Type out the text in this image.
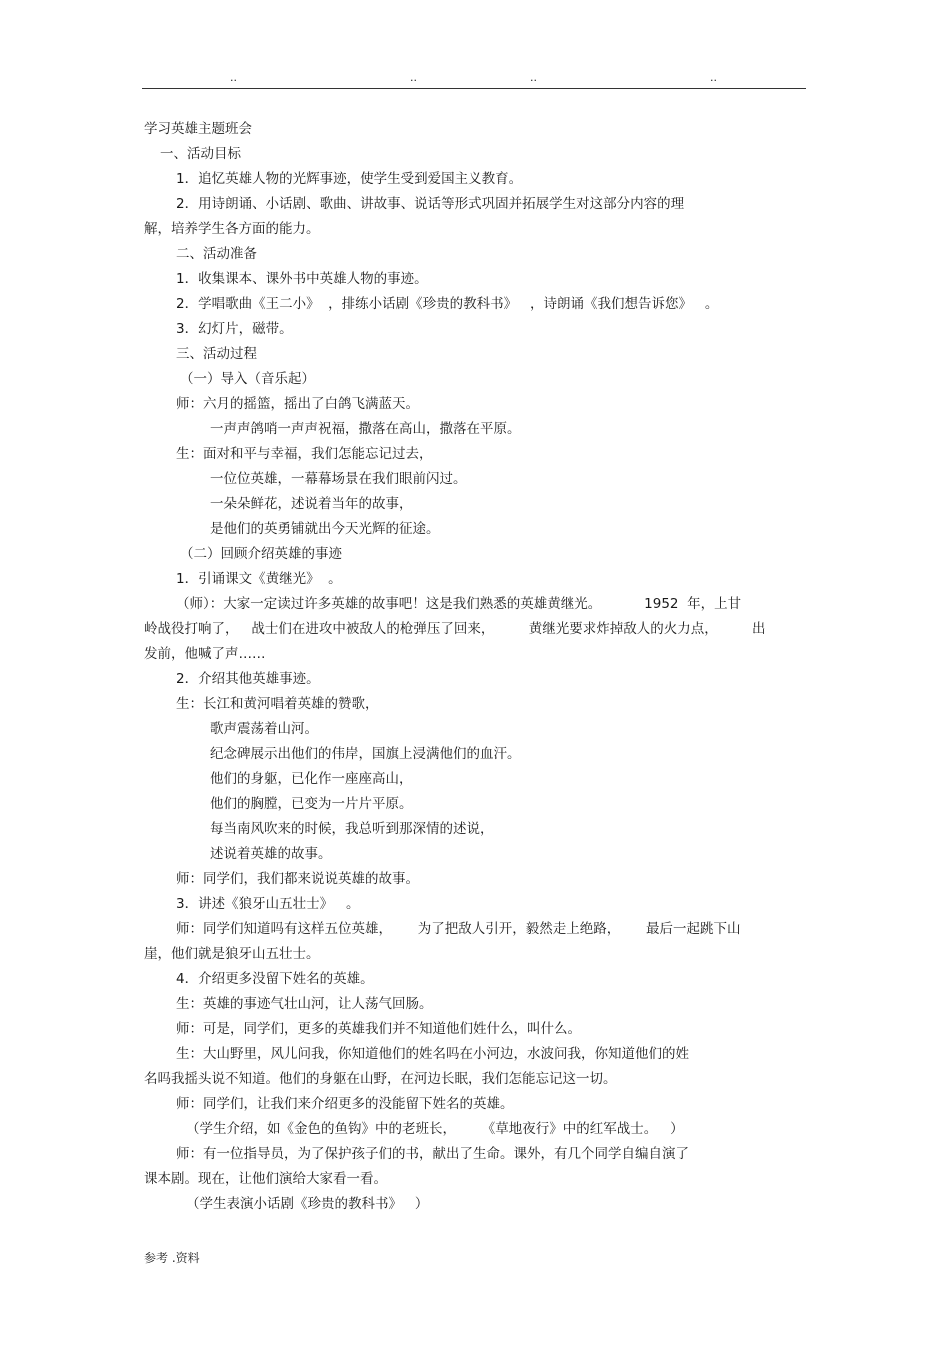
..	..	..	..
学习英雄主题班会
一、活动目标
1．追忆英雄人物的光辉事迹，使学生受到爱国主义教育。
2．用诗朗诵、小话剧、歌曲、讲故事、说话等形式巩固并拓展学生对这部分内容的理
解，培养学生各方面的能力。
二、活动准备
1．收集课本、课外书中英雄人物的事迹。
2．学唱歌曲《王二小》  ，排练小话剧《珍贵的教科书》   ，诗朗诵《我们想告诉您》   。
3．幻灯片，磁带。
三、活动过程
（一）导入（音乐起）
师：六月的摇篮，摇出了白鸽飞满蓝天。
一声声鸽哨一声声祝福，撒落在高山，撒落在平原。
生：面对和平与幸福，我们怎能忘记过去，
一位位英雄，一幕幕场景在我们眼前闪过。
一朵朵鲜花，述说着当年的故事，
是他们的英勇铺就出今天光辉的征途。
（二）回顾介绍英雄的事迹
1．引诵课文《黄继光》  。
（师）：大家一定读过许多英雄的故事吧！这是我们熟悉的英雄黄继光。          1952  年，上甘
岭战役打响了，   战士们在进攻中被敌人的枪弹压了回来，        黄继光要求炸掉敌人的火力点，        出
发前，他喊了声……
2．介绍其他英雄事迹。
生：长江和黄河唱着英雄的赞歌，
歌声震荡着山河。
纪念碑展示出他们的伟岸，国旗上浸满他们的血汗。
他们的身躯，已化作一座座高山，
他们的胸膛，已变为一片片平原。
每当南风吹来的时候，我总听到那深情的述说，
述说着英雄的故事。
师：同学们，我们都来说说英雄的故事。
3．讲述《狼牙山五壮士》   。
师：同学们知道吗有这样五位英雄，      为了把敌人引开，毅然走上绝路，      最后一起跳下山
崖，他们就是狼牙山五壮士。
4．介绍更多没留下姓名的英雄。
生：英雄的事迹气壮山河，让人荡气回肠。
师：可是，同学们，更多的英雄我们并不知道他们姓什么，叫什么。
生：大山野里，风儿问我，你知道他们的姓名吗在小河边，水波问我，你知道他们的姓
名吗我摇头说不知道。他们的身躯在山野，在河边长眠，我们怎能忘记这一切。
师：同学们，让我们来介绍更多的没能留下姓名的英雄。
（学生介绍，如《金色的鱼钩》中的老班长，      《草地夜行》中的红军战士。   ）
师：有一位指导员，为了保护孩子们的书，献出了生命。课外，有几个同学自编自演了
课本剧。现在，让他们演给大家看一看。
（学生表演小话剧《珍贵的教科书》   ）
参考 .资料
